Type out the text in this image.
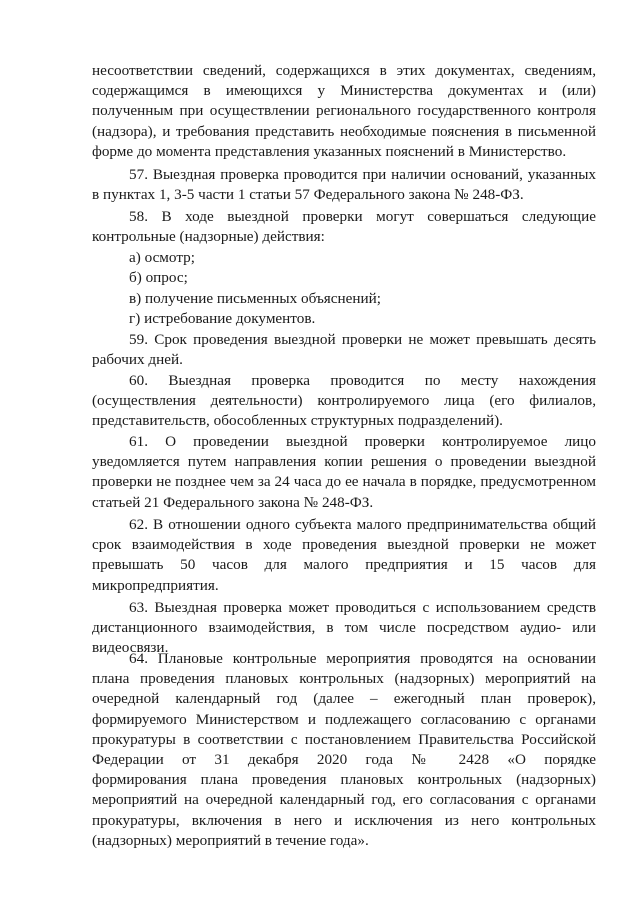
несоответствии сведений, содержащихся в этих документах, сведениям,
содержащимся в имеющихся у Министерства документах и (или)
полученным при осуществлении регионального государственного контроля
(надзора), и требования представить необходимые пояснения в письменной
форме до момента представления указанных пояснений в Министерство.
57. Выездная проверка проводится при наличии оснований, указанных
в пунктах 1, 3-5 части 1 статьи 57 Федерального закона № 248-ФЗ.
58. В ходе выездной проверки могут совершаться следующие
контрольные (надзорные) действия:
а) осмотр;
б) опрос;
в) получение письменных объяснений;
г) истребование документов.
59. Срок проведения выездной проверки не может превышать десять
рабочих дней.
60. Выездная проверка проводится по месту нахождения
(осуществления деятельности) контролируемого лица (его филиалов,
представительств, обособленных структурных подразделений).
61. О проведении выездной проверки контролируемое лицо
уведомляется путем направления копии решения о проведении выездной
проверки не позднее чем за 24 часа до ее начала в порядке, предусмотренном
статьей 21 Федерального закона № 248-ФЗ.
62. В отношении одного субъекта малого предпринимательства общий
срок взаимодействия в ходе проведения выездной проверки не может
превышать 50 часов для малого предприятия и 15 часов для
микропредприятия.
63. Выездная проверка может проводиться с использованием средств
дистанционного взаимодействия, в том числе посредством аудио- или
видеосвязи.
64. Плановые контрольные мероприятия проводятся на основании
плана проведения плановых контрольных (надзорных) мероприятий на
очередной календарный год (далее – ежегодный план проверок),
формируемого Министерством и подлежащего согласованию с органами
прокуратуры в соответствии с постановлением Правительства Российской
Федерации от 31 декабря 2020 года № 2428 «О порядке
формирования плана проведения плановых контрольных (надзорных)
мероприятий на очередной календарный год, его согласования с органами
прокуратуры, включения в него и исключения из него контрольных
(надзорных) мероприятий в течение года».
